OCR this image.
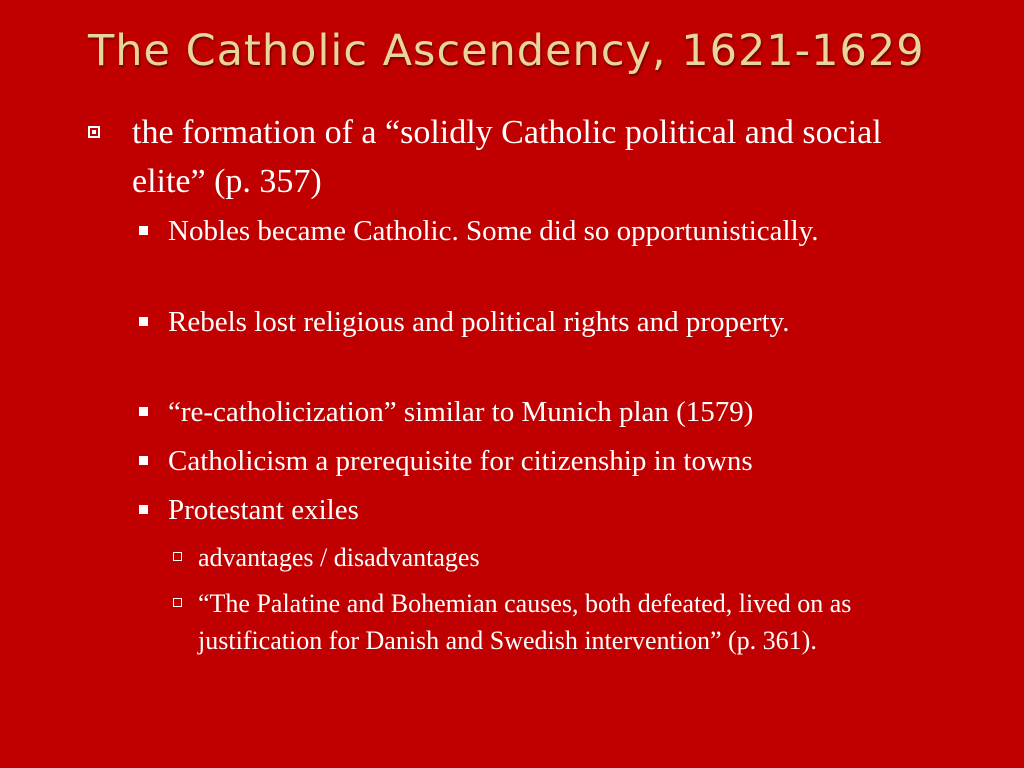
The Catholic Ascendency, 1621-1629
the formation of a “solidly Catholic political and social elite” (p. 357)
Nobles became Catholic. Some did so opportunistically.
Rebels lost religious and political rights and property.
“re-catholicization” similar to Munich plan (1579)
Catholicism a prerequisite for citizenship in towns
Protestant exiles
advantages / disadvantages
“The Palatine and Bohemian causes, both defeated, lived on as justification for Danish and Swedish intervention” (p. 361).
